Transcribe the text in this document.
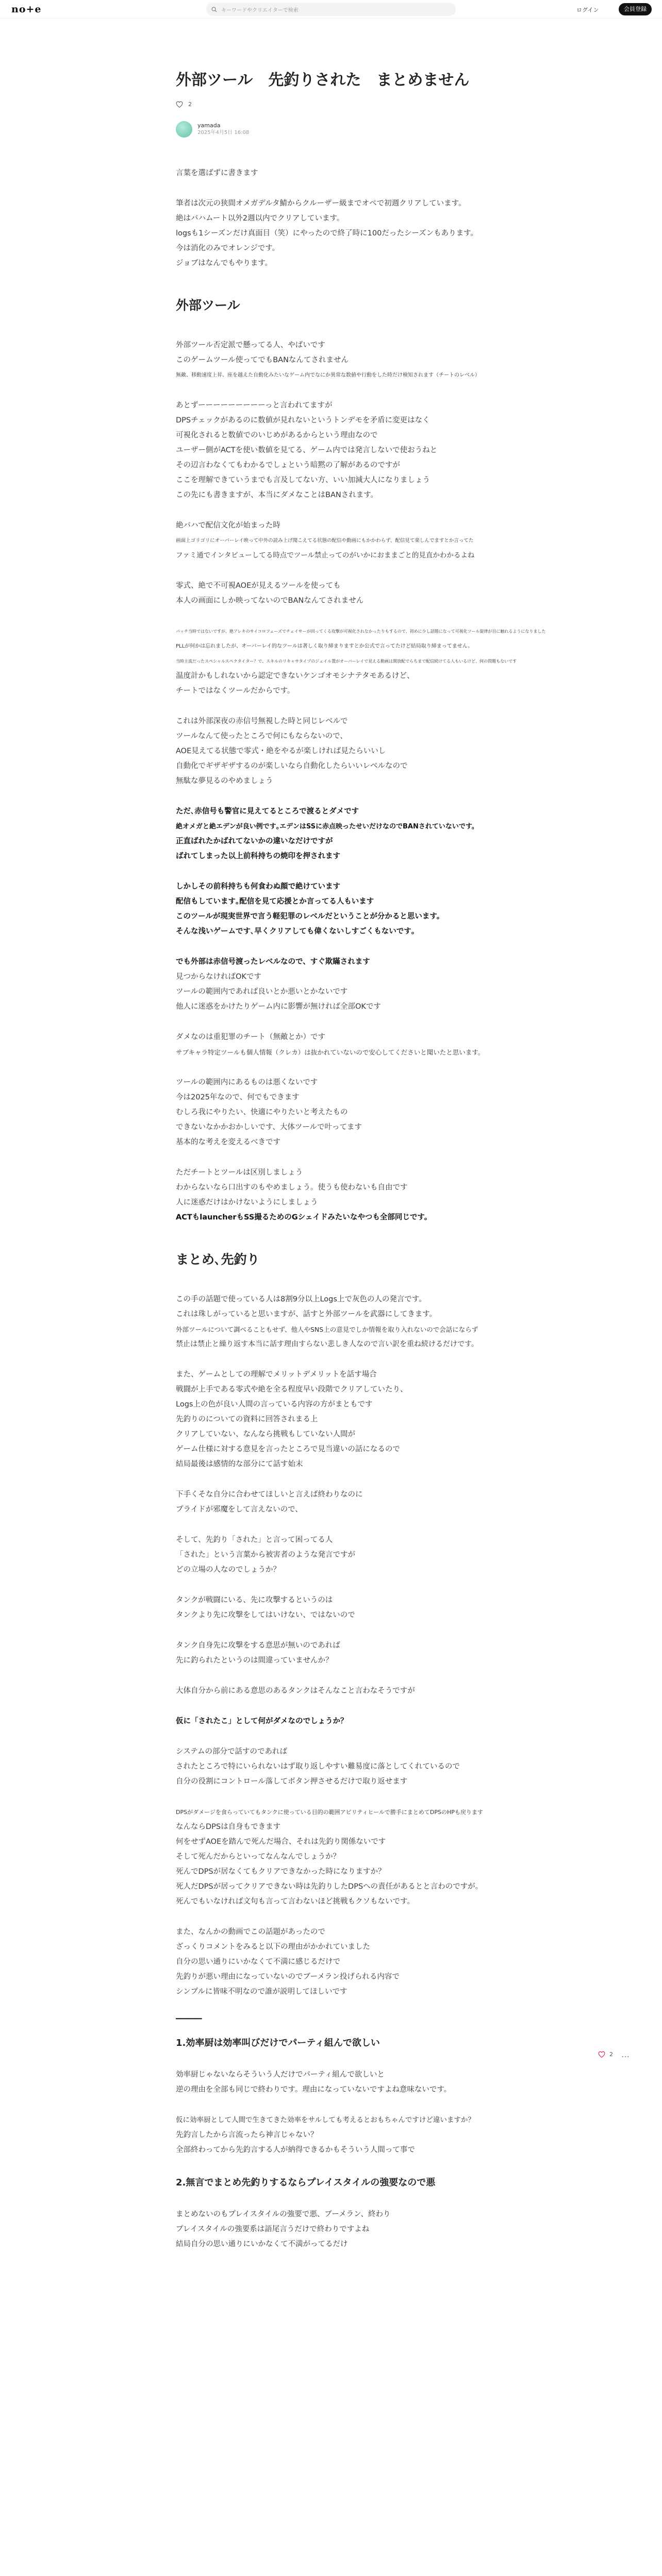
no+e	キーワードやクリエイターで検索	ログイン	会員登録
外部ツール　先釣りされた　まとめません
2
yamada
2025年4月5日 16:08
言葉を選ばずに書きます
筆者は次元の狭間オメガデルタ鯖からクルーザー級までオペで初週クリアしています。
絶はバハムート以外2週以内でクリアしています。
logsも1シーズンだけ真面目（笑）にやったので終了時に100だったシーズンもあります。
今は消化のみでオレンジです。
ジョブはなんでもやります。
外部ツール
外部ツール否定派で懸ってる人、やばいです
このゲームツール使ってでもBANなんてされません
無敵、移動速度上昇、座を越えた自動化みたいなゲーム内でなにか異常な数値や行動をした時だけ検知されます（チートのレベル）
あとずーーーーーーーーーっと言われてますが
DPSチェックがあるのに数値が見れないというトンデモを矛盾に変更はなく
可視化されると数値でのいじめがあるからという理由なので
ユーザー側がACTを使い数値を見てる、ゲーム内では発言しないで使おうねと
その辺言わなくてもわかるでしょという暗黙の了解があるのですが
ここを理解できていうまでも言及してない方、いい加減大人になりましょう
この先にも書きますが、本当にダメなことはBANされます。
絶バハで配信文化が始まった時
画面上ゴリゴリにオーバーレイ映って中外の読み上げ聞こえてる状態の配信や動画にもかかわらず、配信見て楽しんでますとか言ってた
ファミ通でインタビューしてる時点でツール禁止ってのがいかにおままごと的見直かわかるよね
零式、絶で不可視AOEが見えるツールを使っても
本人の画面にしか映ってないのでBANなんてされません
パッチ当時ではないですが、絶アレキのサイコロフェーズでチェイサーが回ってくる攻撃が可視化されなかったりもするので、初めに少し話題になって可視化ツール旋律が目に触れるようになりました
PLLが何かは忘れましたが、オーバーレイ的なツールは著しく取り締まりますとか公式で言ってたけど結局取り締まってません。
当時主流だったスペシャルスペクタイター？で、スキルのリキャサタイプのジェイル置がオーバーレイで見える動画は開放配でらちまで配信続けてる人もいるけど、何の問題もないです
温度計かもしれないから認定できないケンゴオモシナテタモあるけど、
チートではなくツールだからです。
これは外部深夜の赤信号無視した時と同じレベルで
ツールなんて使ったところで何にもならないので、
AOE見えてる状態で零式・絶をやるが楽しければ見たらいいし
自動化でギザギザするのが楽しいなら自動化したらいいレベルなので
無駄な夢見るのやめましょう
ただ､赤信号も警官に見えてるところで渡るとダメです
絶オメガと絶エデンが良い例です｡エデンはSSに赤点映ったせいだけなのでBANされていないです。
正直ばれたかばれてないかの違いなだけですが
ばれてしまった以上前科持ちの焼印を押されます
しかしその前科持ちも何食わぬ顔で絶けています
配信もしています｡配信を見て応援とか言ってる人もいます
このツールが現実世界で言う軽犯罪のレベルだということが分かると思います。
そんな浅いゲームです､早くクリアしても偉くないしすごくもないです｡
でも外部は赤信号渡ったレベルなので、すぐ欺瞞されます
見つからなければOKです
ツールの範囲内であれば良いとか悪いとかないです
他人に迷惑をかけたりゲーム内に影響が無ければ全部OKです
ダメなのは重犯罪のチート（無敵とか）です
サブキャラ特定ツールも個人情報（クレカ）は抜かれていないので安心してくださいと聞いたと思います。
ツールの範囲内にあるものは悪くないです
今は2025年なので、何でもできます
むしろ我にやりたい、快適にやりたいと考えたもの
できないなかかおかしいです、大体ツールで叶ってます
基本的な考えを変えるべきです
ただチートとツールは区別しましょう
わからないなら口出すのもやめましょう。使うも使わないも自由です
人に迷惑だけはかけないようにしましょう
ACTもlauncherもSS撮るためのGシェイドみたいなやつも全部同じです。
まとめ､先釣り
この手の話題で使っている人は8割9分以上Logs上で灰色の人の発言です。
これは珠しがっていると思いますが、話すと外部ツールを武器にしてきます。
外部ツールについて調べることもせず、他人やSNS上の意見でしか情報を取り入れないので会話にならず
禁止は禁止と繰り返す本当に話す理由すらない悲しき人なので言い訳を重ね続けるだけです。
また、ゲームとしての理解でメリットデメリットを話す場合
戦闘が上手である零式や絶を全る程度早い段階でクリアしていたり、
Logs上の色が良い人間の言っている内容の方がまともです
先釣りのについての資料に回答されまる上
クリアしていない、なんなら挑戦もしていない人間が
ゲーム仕様に対する意見を言ったところで見当違いの話になるので
結局最後は感情的な部分にて話す始末
下手くそな自分に合わせてほしいと言えば終わりなのに
プライドが邪魔をして言えないので、
そして、先釣り「された」と言って困ってる人
「された」という言葉から被害者のような発言ですが
どの立場の人なのでしょうか？
タンクが戦闘にいる、先に攻撃するというのは
タンクより先に攻撃をしてはいけない、ではないので
タンク自身先に攻撃をする意思が無いのであれば
先に釣られたというのは間違っていませんか？
大体自分から前にある意思のあるタンクはそんなこと言わなそうですが
仮に「されたこ」として何がダメなのでしょうか？
システムの部分で話すのであれば
されたところで特にいられないはず取り返しやすい難易度に落としてくれているので
自分の役割にコントロール落してボタン押させるだけで取り返せます
DPSがダメージを食らっていてもタンクに使っている目的の範囲アビリティヒールで勝手にまとめてDPSのHPも戻ります
なんならDPSは自身もできます
何をせずAOEを踏んで死んだ場合、それは先釣り関係ないです
そして死んだからといってなんなんでしょうか？
死んでDPSが居なくてもクリアできなかった時になりますか？
死人だDPSが居ってクリアできない時は先釣りしたDPSへの責任があるとと言わのですが。
死んでもいなければ文句も言って言わないほど挑戦もクソもないです。
また、なんかの動画でこの話題があったので
ざっくりコメントをみると以下の理由がかかれていました
自分の思い通りにいかなくて不満に感じるだけで
先釣りが悪い理由になっていないのでブーメラン投げられる内容で
シンプルに皆味不明なので誰が説明してほしいです
━━━━━━
1.効率厨は効率叫びだけでパーティ組んで欲しい
効率厨じゃないならそういう人だけでパーティ組んで欲しいと
逆の理由を全部も同じで終わりです。理由になっていないですよね意味ないです。
仮に効率厨として人間で生きてきた効率をサルしても考えるとおもちゃんですけど違いますか？
先釣言したから言流ったら神言じゃない？
全部終わってから先釣言する人が納得できるかもそういう人間って事で
2.無言でまとめ先釣りするならプレイスタイルの強要なので悪
まとめないのもプレイスタイルの強要で悪、ブーメラン、終わり
プレイスタイルの強要系は語尾言うだけで終わりですよね
結局自分の思い通りにいかなくて不満がってるだけ
2 …
